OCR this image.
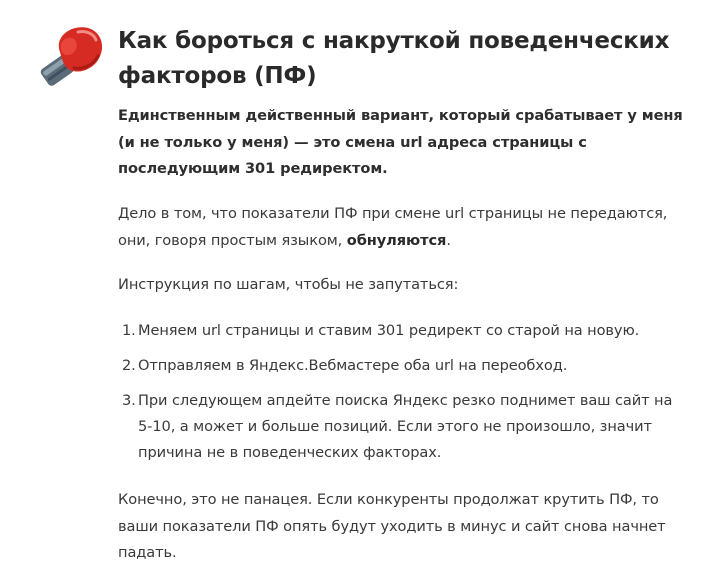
Как бороться с накруткой поведенческих факторов (ПФ)

Единственным действенный вариант, который срабатывает у меня (и не только у меня) — это смена url адреса страницы с последующим 301 редиректом.

Дело в том, что показатели ПФ при смене url страницы не передаются, они, говоря простым языком, обнуляются.

Инструкция по шагам, чтобы не запутаться:

1. Меняем url страницы и ставим 301 редирект со старой на новую.
2. Отправляем в Яндекс.Вебмастере оба url на переобход.
3. При следующем апдейте поиска Яндекс резко поднимет ваш сайт на 5-10, а может и больше позиций. Если этого не произошло, значит причина не в поведенческих факторах.

Конечно, это не панацея. Если конкуренты продолжат крутить ПФ, то ваши показатели ПФ опять будут уходить в минус и сайт снова начнет падать.
